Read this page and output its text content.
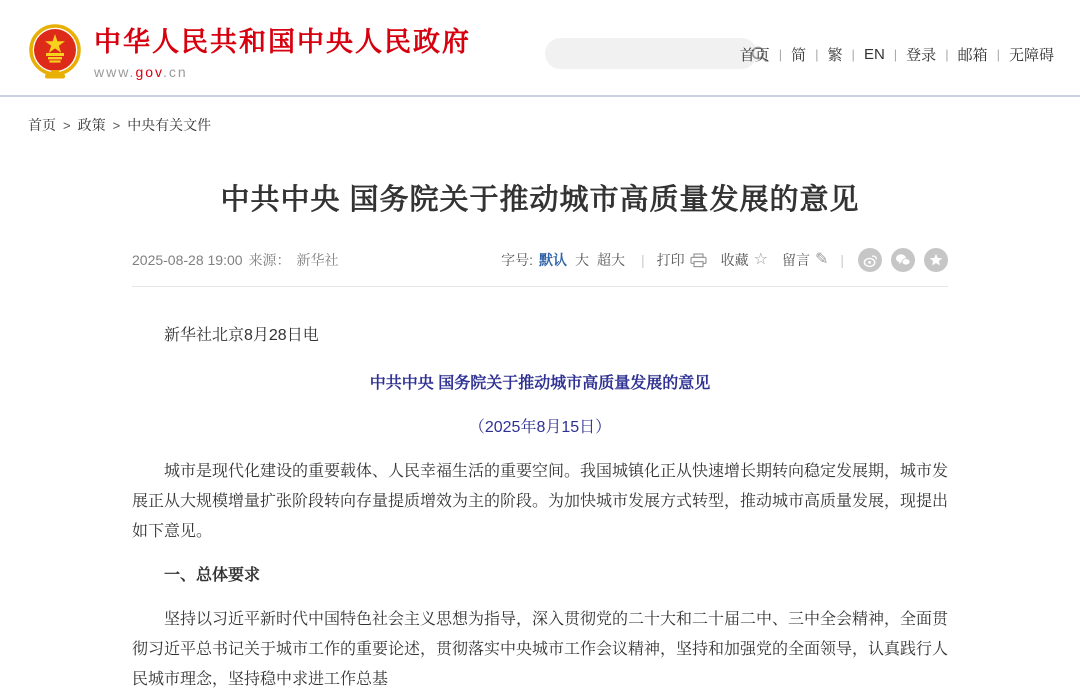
中华人民共和国中央人民政府
www.gov.cn
首页 | 简 | 繁 | EN | 登录 | 邮箱 | 无障碍
首页 > 政策 > 中央有关文件
中共中央 国务院关于推动城市高质量发展的意见
2025-08-28 19:00 来源： 新华社	字号: 默认 大 超大 | 打印	收藏 ☆ 留言 ✎ |

新华社北京8月28日电

中共中央 国务院关于推动城市高质量发展的意见

（2025年8月15日）

城市是现代化建设的重要载体、人民幸福生活的重要空间。我国城镇化正从快速增长期转向稳定发展期，城市发展正从大规模增量扩张阶段转向存量提质增效为主的阶段。为加快城市发展方式转型，推动城市高质量发展，现提出如下意见。

一、总体要求

坚持以习近平新时代中国特色社会主义思想为指导，深入贯彻党的二十大和二十届二中、三中全会精神，全面贯彻习近平总书记关于城市工作的重要论述，贯彻落实中央城市工作会议精神，坚持和加强党的全面领导，认真践行人民城市理念，坚持稳中求进工作总基
